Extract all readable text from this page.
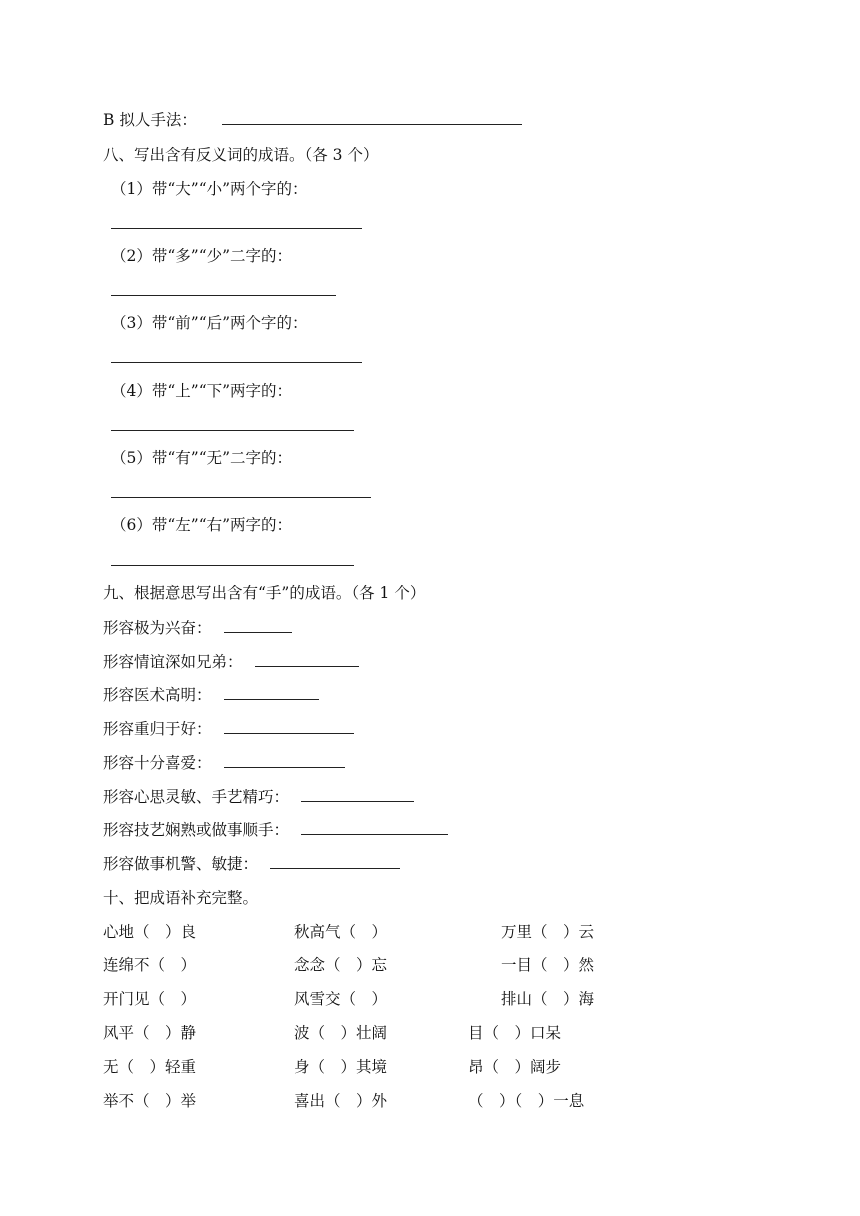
B 拟人手法：
八、写出含有反义词的成语。（各 3 个）
（1）带“大”“小”两个字的：
（2）带“多”“少”二字的：
（3）带“前”“后”两个字的：
（4）带“上”“下”两字的：
（5）带“有”“无”二字的：
（6）带“左”“右”两字的：
九、根据意思写出含有“手”的成语。（各 1 个）
形容极为兴奋：
形容情谊深如兄弟：
形容医术高明：
形容重归于好：
形容十分喜爱：
形容心思灵敏、手艺精巧：
形容技艺娴熟或做事顺手：
形容做事机警、敏捷：
十、把成语补充完整。
心地（　）良	秋高气（　）	万里（　）云
连绵不（　）	念念（　）忘	一目（　）然
开门见（　）	风雪交（　）	排山（　）海
风平（　）静	波（　）壮阔	目（　）口呆
无（　）轻重	身（　）其境	昂（　）阔步
举不（　）举	喜出（　）外	（　）（　）一息
